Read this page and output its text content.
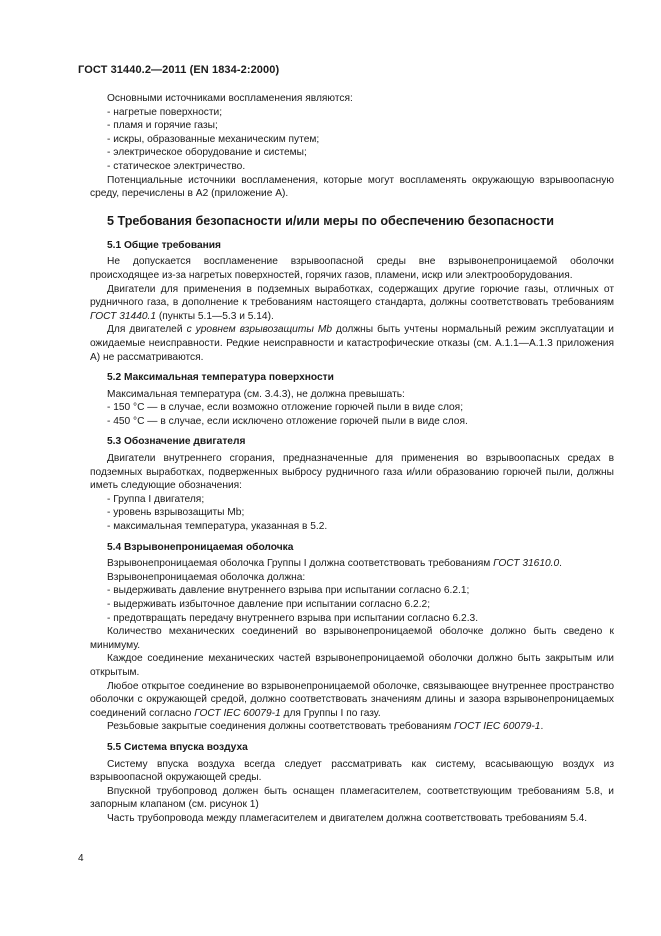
ГОСТ 31440.2—2011 (EN 1834-2:2000)

Основными источниками воспламенения являются:

- нагретые поверхности;

- пламя и горячие газы;

- искры, образованные механическим путем;

- электрическое оборудование и системы;

- статическое электричество.

Потенциальные источники воспламенения, которые могут воспламенять окружающую взрывоопасную среду, перечислены в А2 (приложение А).

5 Требования безопасности и/или меры по обеспечению безопасности
5.1 Общие требования

Не допускается воспламенение взрывоопасной среды вне взрывонепроницаемой оболочки происходящее из-за нагретых поверхностей, горячих газов, пламени, искр или электрооборудования.

Двигатели для применения в подземных выработках, содержащих другие горючие газы, отличных от рудничного газа, в дополнение к требованиям настоящего стандарта, должны соответствовать требованиям ГОСТ 31440.1 (пункты 5.1—5.3 и 5.14).

Для двигателей с уровнем взрывозащиты Mb должны быть учтены нормальный режим эксплуатации и ожидаемые неисправности. Редкие неисправности и катастрофические отказы (см. А.1.1—А.1.3 приложения А) не рассматриваются.

5.2 Максимальная температура поверхности

Максимальная температура (см. 3.4.3), не должна превышать:

- 150 °С — в случае, если возможно отложение горючей пыли в виде слоя;

- 450 °С — в случае, если исключено отложение горючей пыли в виде слоя.

5.3 Обозначение двигателя

Двигатели внутреннего сгорания, предназначенные для применения во взрывоопасных средах в подземных выработках, подверженных выбросу рудничного газа и/или образованию горючей пыли, должны иметь следующие обозначения:

- Группа I двигателя;

- уровень взрывозащиты Mb;

- максимальная температура, указанная в 5.2.

5.4 Взрывонепроницаемая оболочка

Взрывонепроницаемая оболочка Группы I должна соответствовать требованиям ГОСТ 31610.0.

Взрывонепроницаемая оболочка должна:

- выдерживать давление внутреннего взрыва при испытании согласно 6.2.1;

- выдерживать избыточное давление при испытании согласно 6.2.2;

- предотвращать передачу внутреннего взрыва при испытании согласно 6.2.3.

Количество механических соединений во взрывонепроницаемой оболочке должно быть сведено к минимуму.

Каждое соединение механических частей взрывонепроницаемой оболочки должно быть закрытым или открытым.

Любое открытое соединение во взрывонепроницаемой оболочке, связывающее внутреннее пространство оболочки с окружающей средой, должно соответствовать значениям длины и зазора взрывонепроницаемых соединений согласно ГОСТ IEC 60079-1 для Группы I по газу.

Резьбовые закрытые соединения должны соответствовать требованиям ГОСТ IEC 60079-1.

5.5 Система впуска воздуха

Систему впуска воздуха всегда следует рассматривать как систему, всасывающую воздух из взрывоопасной окружающей среды.

Впускной трубопровод должен быть оснащен пламегасителем, соответствующим требованиям 5.8, и запорным клапаном (см. рисунок 1)

Часть трубопровода между пламегасителем и двигателем должна соответствовать требованиям 5.4.

4
